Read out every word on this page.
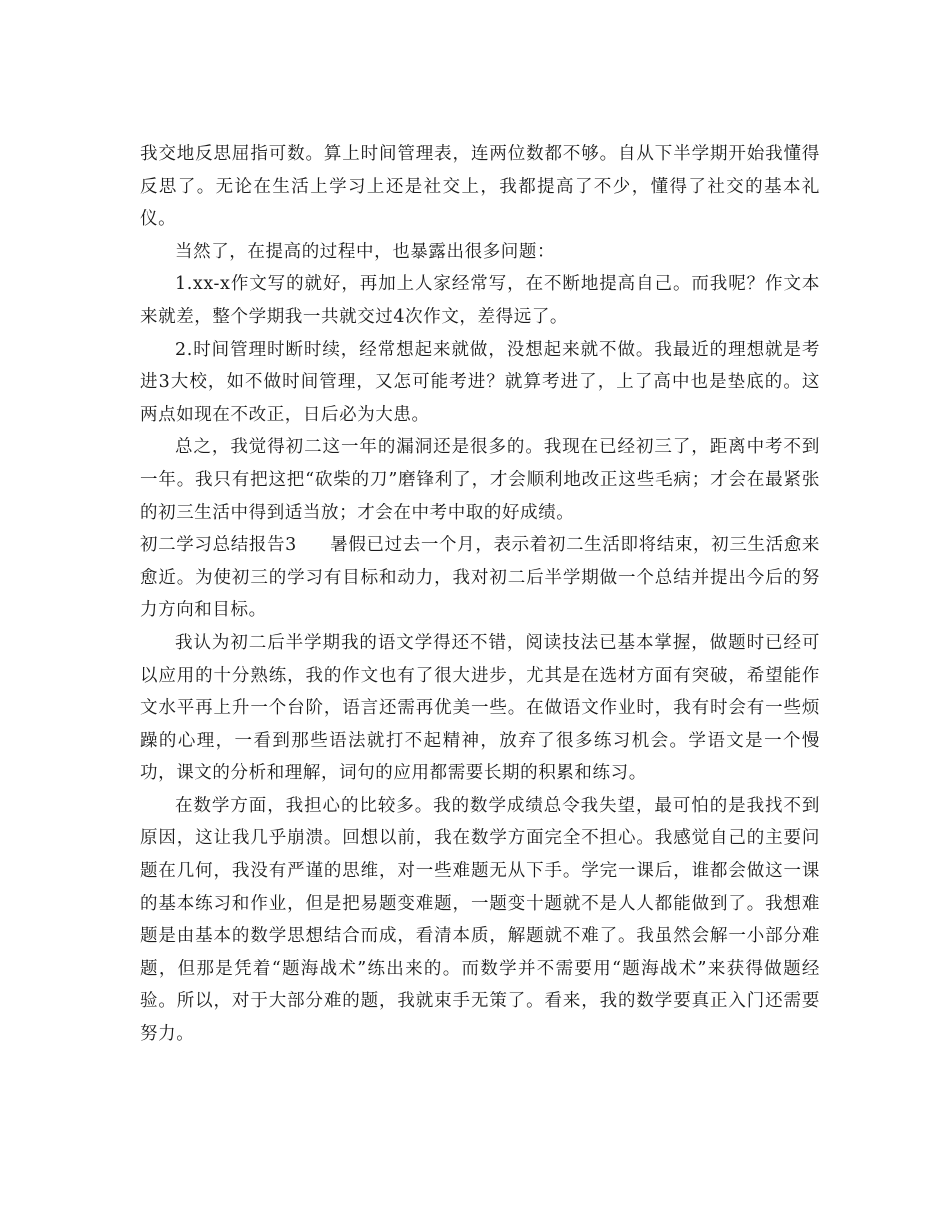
我交地反思屈指可数。算上时间管理表，连两位数都不够。自从下半学期开始我懂得反思了。无论在生活上学习上还是社交上，我都提高了不少，懂得了社交的基本礼仪。

当然了，在提高的过程中，也暴露出很多问题：

1.xx-x作文写的就好，再加上人家经常写，在不断地提高自己。而我呢？作文本来就差，整个学期我一共就交过4次作文，差得远了。

2.时间管理时断时续，经常想起来就做，没想起来就不做。我最近的理想就是考进3大校，如不做时间管理，又怎可能考进？就算考进了，上了高中也是垫底的。这两点如现在不改正，日后必为大患。

总之，我觉得初二这一年的漏洞还是很多的。我现在已经初三了，距离中考不到一年。我只有把这把“砍柴的刀”磨锋利了，才会顺利地改正这些毛病；才会在最紧张的初三生活中得到适当放；才会在中考中取的好成绩。

初二学习总结报告3 暑假已过去一个月，表示着初二生活即将结束，初三生活愈来愈近。为使初三的学习有目标和动力，我对初二后半学期做一个总结并提出今后的努力方向和目标。

我认为初二后半学期我的语文学得还不错，阅读技法已基本掌握，做题时已经可以应用的十分熟练，我的作文也有了很大进步，尤其是在选材方面有突破，希望能作文水平再上升一个台阶，语言还需再优美一些。在做语文作业时，我有时会有一些烦躁的心理，一看到那些语法就打不起精神，放弃了很多练习机会。学语文是一个慢功，课文的分析和理解，词句的应用都需要长期的积累和练习。

在数学方面，我担心的比较多。我的数学成绩总令我失望，最可怕的是我找不到原因，这让我几乎崩溃。回想以前，我在数学方面完全不担心。我感觉自己的主要问题在几何，我没有严谨的思维，对一些难题无从下手。学完一课后，谁都会做这一课的基本练习和作业，但是把易题变难题，一题变十题就不是人人都能做到了。我想难题是由基本的数学思想结合而成，看清本质，解题就不难了。我虽然会解一小部分难题，但那是凭着“题海战术”练出来的。而数学并不需要用“题海战术”来获得做题经验。所以，对于大部分难的题，我就束手无策了。看来，我的数学要真正入门还需要努力。
